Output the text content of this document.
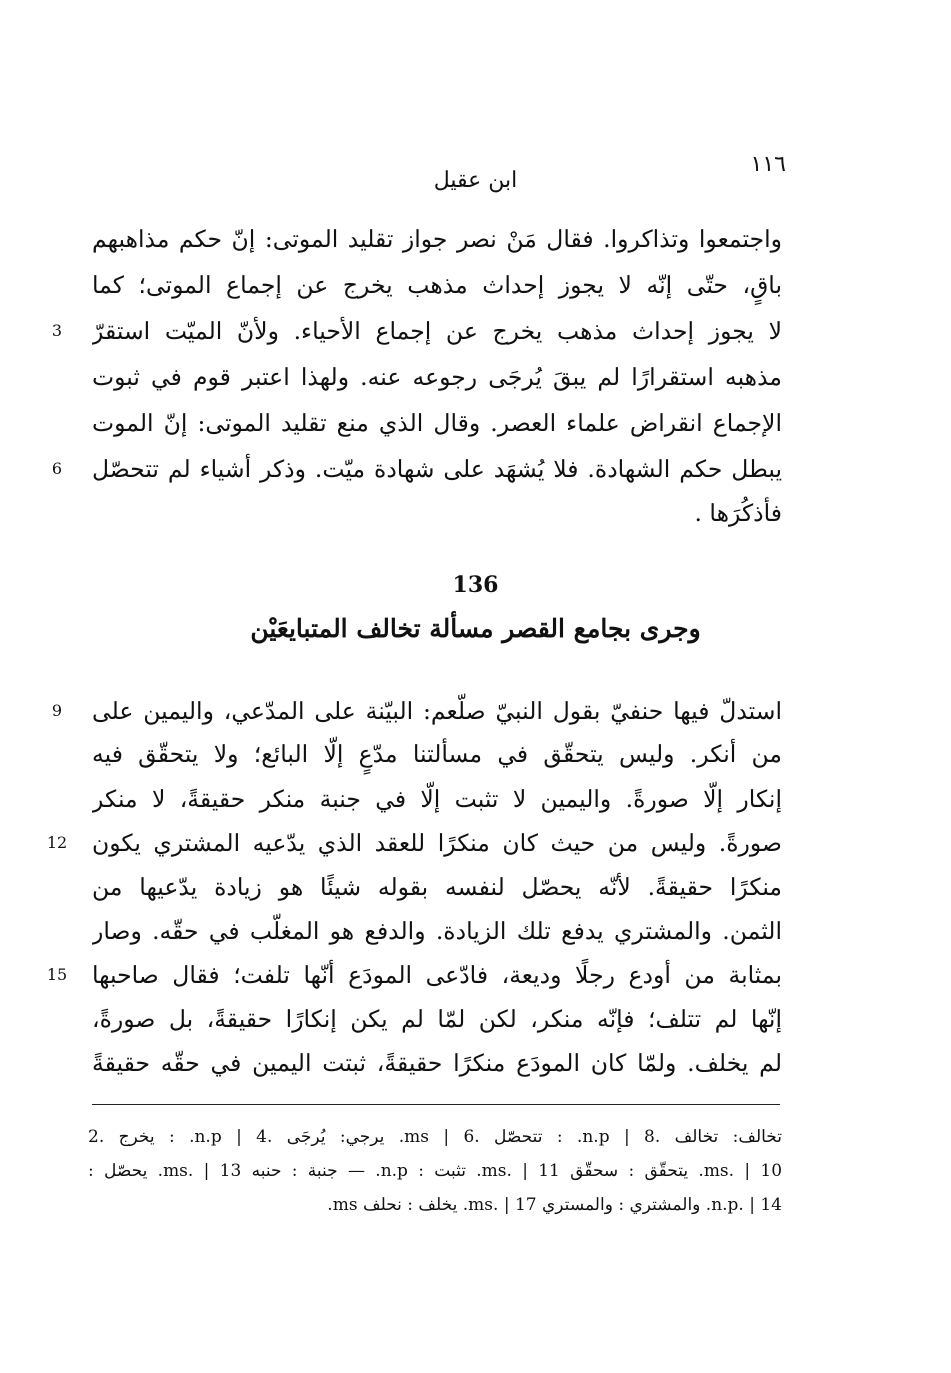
١١٦
ابن عقيل
واجتمعوا وتذاكروا. فقال مَنْ نصر جواز تقليد الموتى: إنّ حكم مذاهبهم
باقٍ، حتّى إنّه لا يجوز إحداث مذهب يخرج عن إجماع الموتى؛ كما
3	لا يجوز إحداث مذهب يخرج عن إجماع الأحياء. ولأنّ الميّت استقرّ
مذهبه استقرارًا لم يبقَ يُرجَى رجوعه عنه. ولهذا اعتبر قوم في ثبوت
الإجماع انقراض علماء العصر. وقال الذي منع تقليد الموتى: إنّ الموت
6	يبطل حكم الشهادة. فلا يُشهَد على شهادة ميّت. وذكر أشياء لم تتحصّل
فأذكُرَها .
136
وجرى بجامع القصر مسألة تخالف المتبايعَيْن
9	استدلّ فيها حنفيّ بقول النبيّ صلّعم: البيّنة على المدّعي، واليمين على
من أنكر. وليس يتحقّق في مسألتنا مدّعٍ إلّا البائع؛ ولا يتحقّق فيه
إنكار إلّا صورةً. واليمين لا تثبت إلّا في جنبة منكر حقيقةً، لا منكر
12 صورةً. وليس من حيث كان منكرًا للعقد الذي يدّعيه المشتري يكون
منكرًا حقيقةً. لأنّه يحصّل لنفسه بقوله شيئًا هو زيادة يدّعيها من
الثمن. والمشتري يدفع تلك الزيادة. والدفع هو المغلّب في حقّه. وصار
15 بمثابة من أودع رجلًا وديعة، فادّعى المودَع أنّها تلفت؛ فقال صاحبها
إنّها لم تتلف؛ فإنّه منكر، لكن لمّا لم يكن إنكارًا حقيقةً، بل صورةً،
لم يخلف. ولمّا كان المودَع منكرًا حقيقةً، ثبتت اليمين في حقّه حقيقةً
تخالف: تخالف .8 | n.p. : تتحصّل .6 | ms. يرجي: يُرجَى .4 | n.p. : يخرج .2
ms. | 10. يتحقّق : سحقّق ms. | 11. تثبت : n.p. — جنبة : حنبه ms. | 13. يحصّل :
n.p. | 14. والمشتري : والمستري ms. | 17. يخلف : نحلف ms.
